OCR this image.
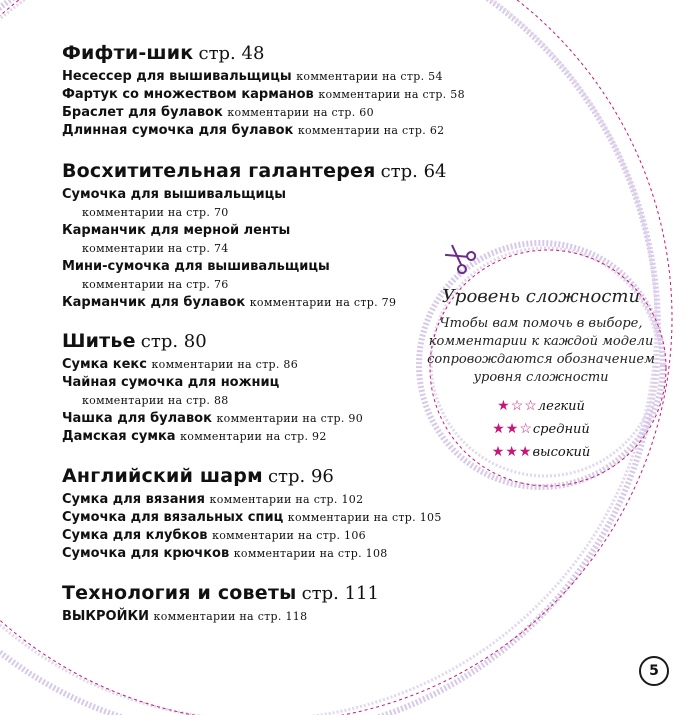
Фифти-шик стр. 48
Несессер для вышивальщицы комментарии на стр. 54
Фартук со множеством карманов комментарии на стр. 58
Браслет для булавок комментарии на стр. 60
Длинная сумочка для булавок комментарии на стр. 62
Восхитительная галантерея стр. 64
Сумочка для вышивальщицы
комментарии на стр. 70
Карманчик для мерной ленты
комментарии на стр. 74
Мини-сумочка для вышивальщицы
комментарии на стр. 76
Карманчик для булавок комментарии на стр. 79
Шитье стр. 80
Сумка кекс комментарии на стр. 86
Чайная сумочка для ножниц
комментарии на стр. 88
Чашка для булавок комментарии на стр. 90
Дамская сумка комментарии на стр. 92
Английский шарм стр. 96
Сумка для вязания комментарии на стр. 102
Сумочка для вязальных спиц комментарии на стр. 105
Сумка для клубков комментарии на стр. 106
Сумочка для крючков комментарии на стр. 108
Технология и советы стр. 111
ВЫКРОЙКИ комментарии на стр. 118
Уровень сложности
Чтобы вам помочь в выборе, комментарии к каждой модели сопровождаются обозначением уровня сложности
★☆☆легкий
★★☆средний
★★★высокий
5
